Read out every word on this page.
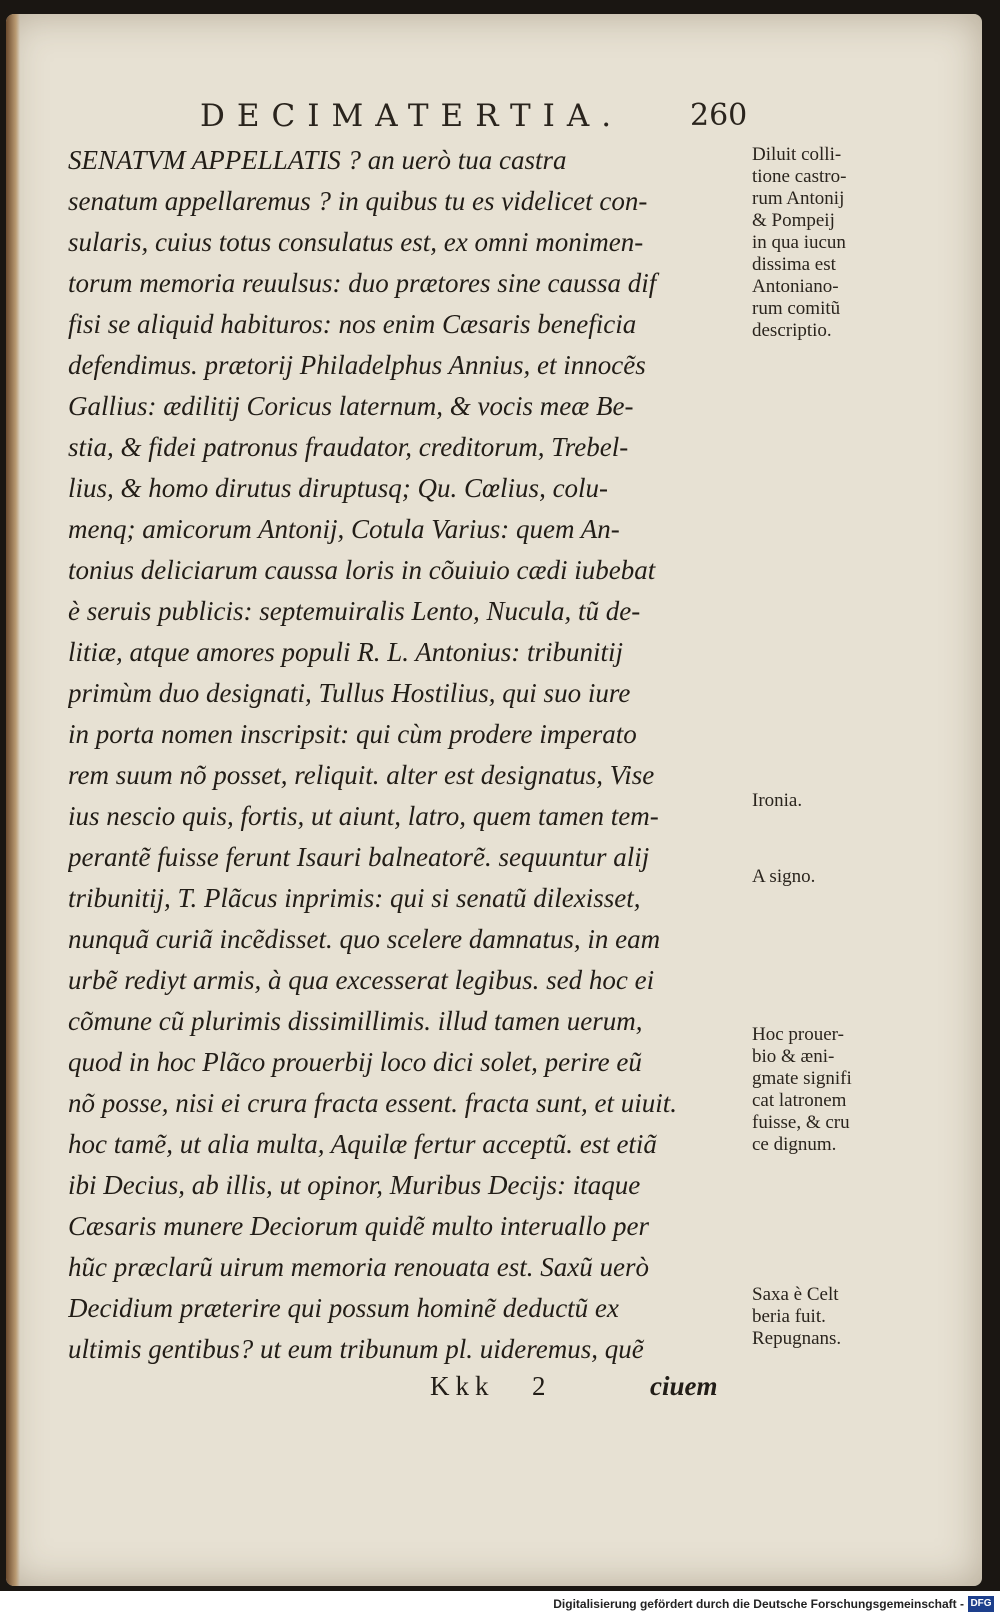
DECIMATERTIA. 260
SENATVM APPELLATIS ? an uerò tua castra
senatum appellaremus ? in quibus tu es videlicet con-
sularis, cuius totus consulatus est, ex omni monimen-
torum memoria reuulsus: duo prætores sine caussa dif
fisi se aliquid habituros: nos enim Cæsaris beneficia
defendimus. prætorij Philadelphus Annius, et innocẽs
Gallius: ædilitij Coricus laternum, & vocis meæ Be-
stia, & fidei patronus fraudator, creditorum, Trebel-
lius, & homo dirutus diruptusq; Qu. Cœlius, colu-
menq; amicorum Antonij, Cotula Varius: quem An-
tonius deliciarum caussa loris in cõuiuio cædi iubebat
è seruis publicis: septemuiralis Lento, Nucula, tũ de-
litiæ, atque amores populi R. L. Antonius: tribunitij
primùm duo designati, Tullus Hostilius, qui suo iure
in porta nomen inscripsit: qui cùm prodere imperato
rem suum nõ posset, reliquit. alter est designatus, Vise
ius nescio quis, fortis, ut aiunt, latro, quem tamen tem-
perantẽ fuisse ferunt Isauri balneatorẽ. sequuntur alij
tribunitij, T. Plãcus inprimis: qui si senatũ dilexisset,
nunquã curiã incẽdisset. quo scelere damnatus, in eam
urbẽ rediyt armis, à qua excesserat legibus. sed hoc ei
cõmune cũ plurimis dissimillimis. illud tamen uerum,
quod in hoc Plãco prouerbij loco dici solet, perire eũ
nõ posse, nisi ei crura fracta essent. fracta sunt, et uiuit.
hoc tamẽ, ut alia multa, Aquilæ fertur acceptũ. est etiã
ibi Decius, ab illis, ut opinor, Muribus Decijs: itaque
Cæsaris munere Deciorum quidẽ multo interuallo per
hũc præclarũ uirum memoria renouata est. Saxũ uerò
Decidium præterire qui possum hominẽ deductũ ex
ultimis gentibus? ut eum tribunum pl. uideremus, quẽ
Diluit colli-
tione castro-
rum Antonij
& Pompeij
in qua iucun
dissima est
Antoniano-
rum comitũ
descriptio.
Ironia.
A signo.
Hoc prouer-
bio & æni-
gmate signifi
cat latronem
fuisse, & cru
ce dignum.
Saxa è Celt
beria fuit.
Repugnans.
Kkk 2	ciuem
Digitalisierung gefördert durch die Deutsche Forschungsgemeinschaft - DFG
